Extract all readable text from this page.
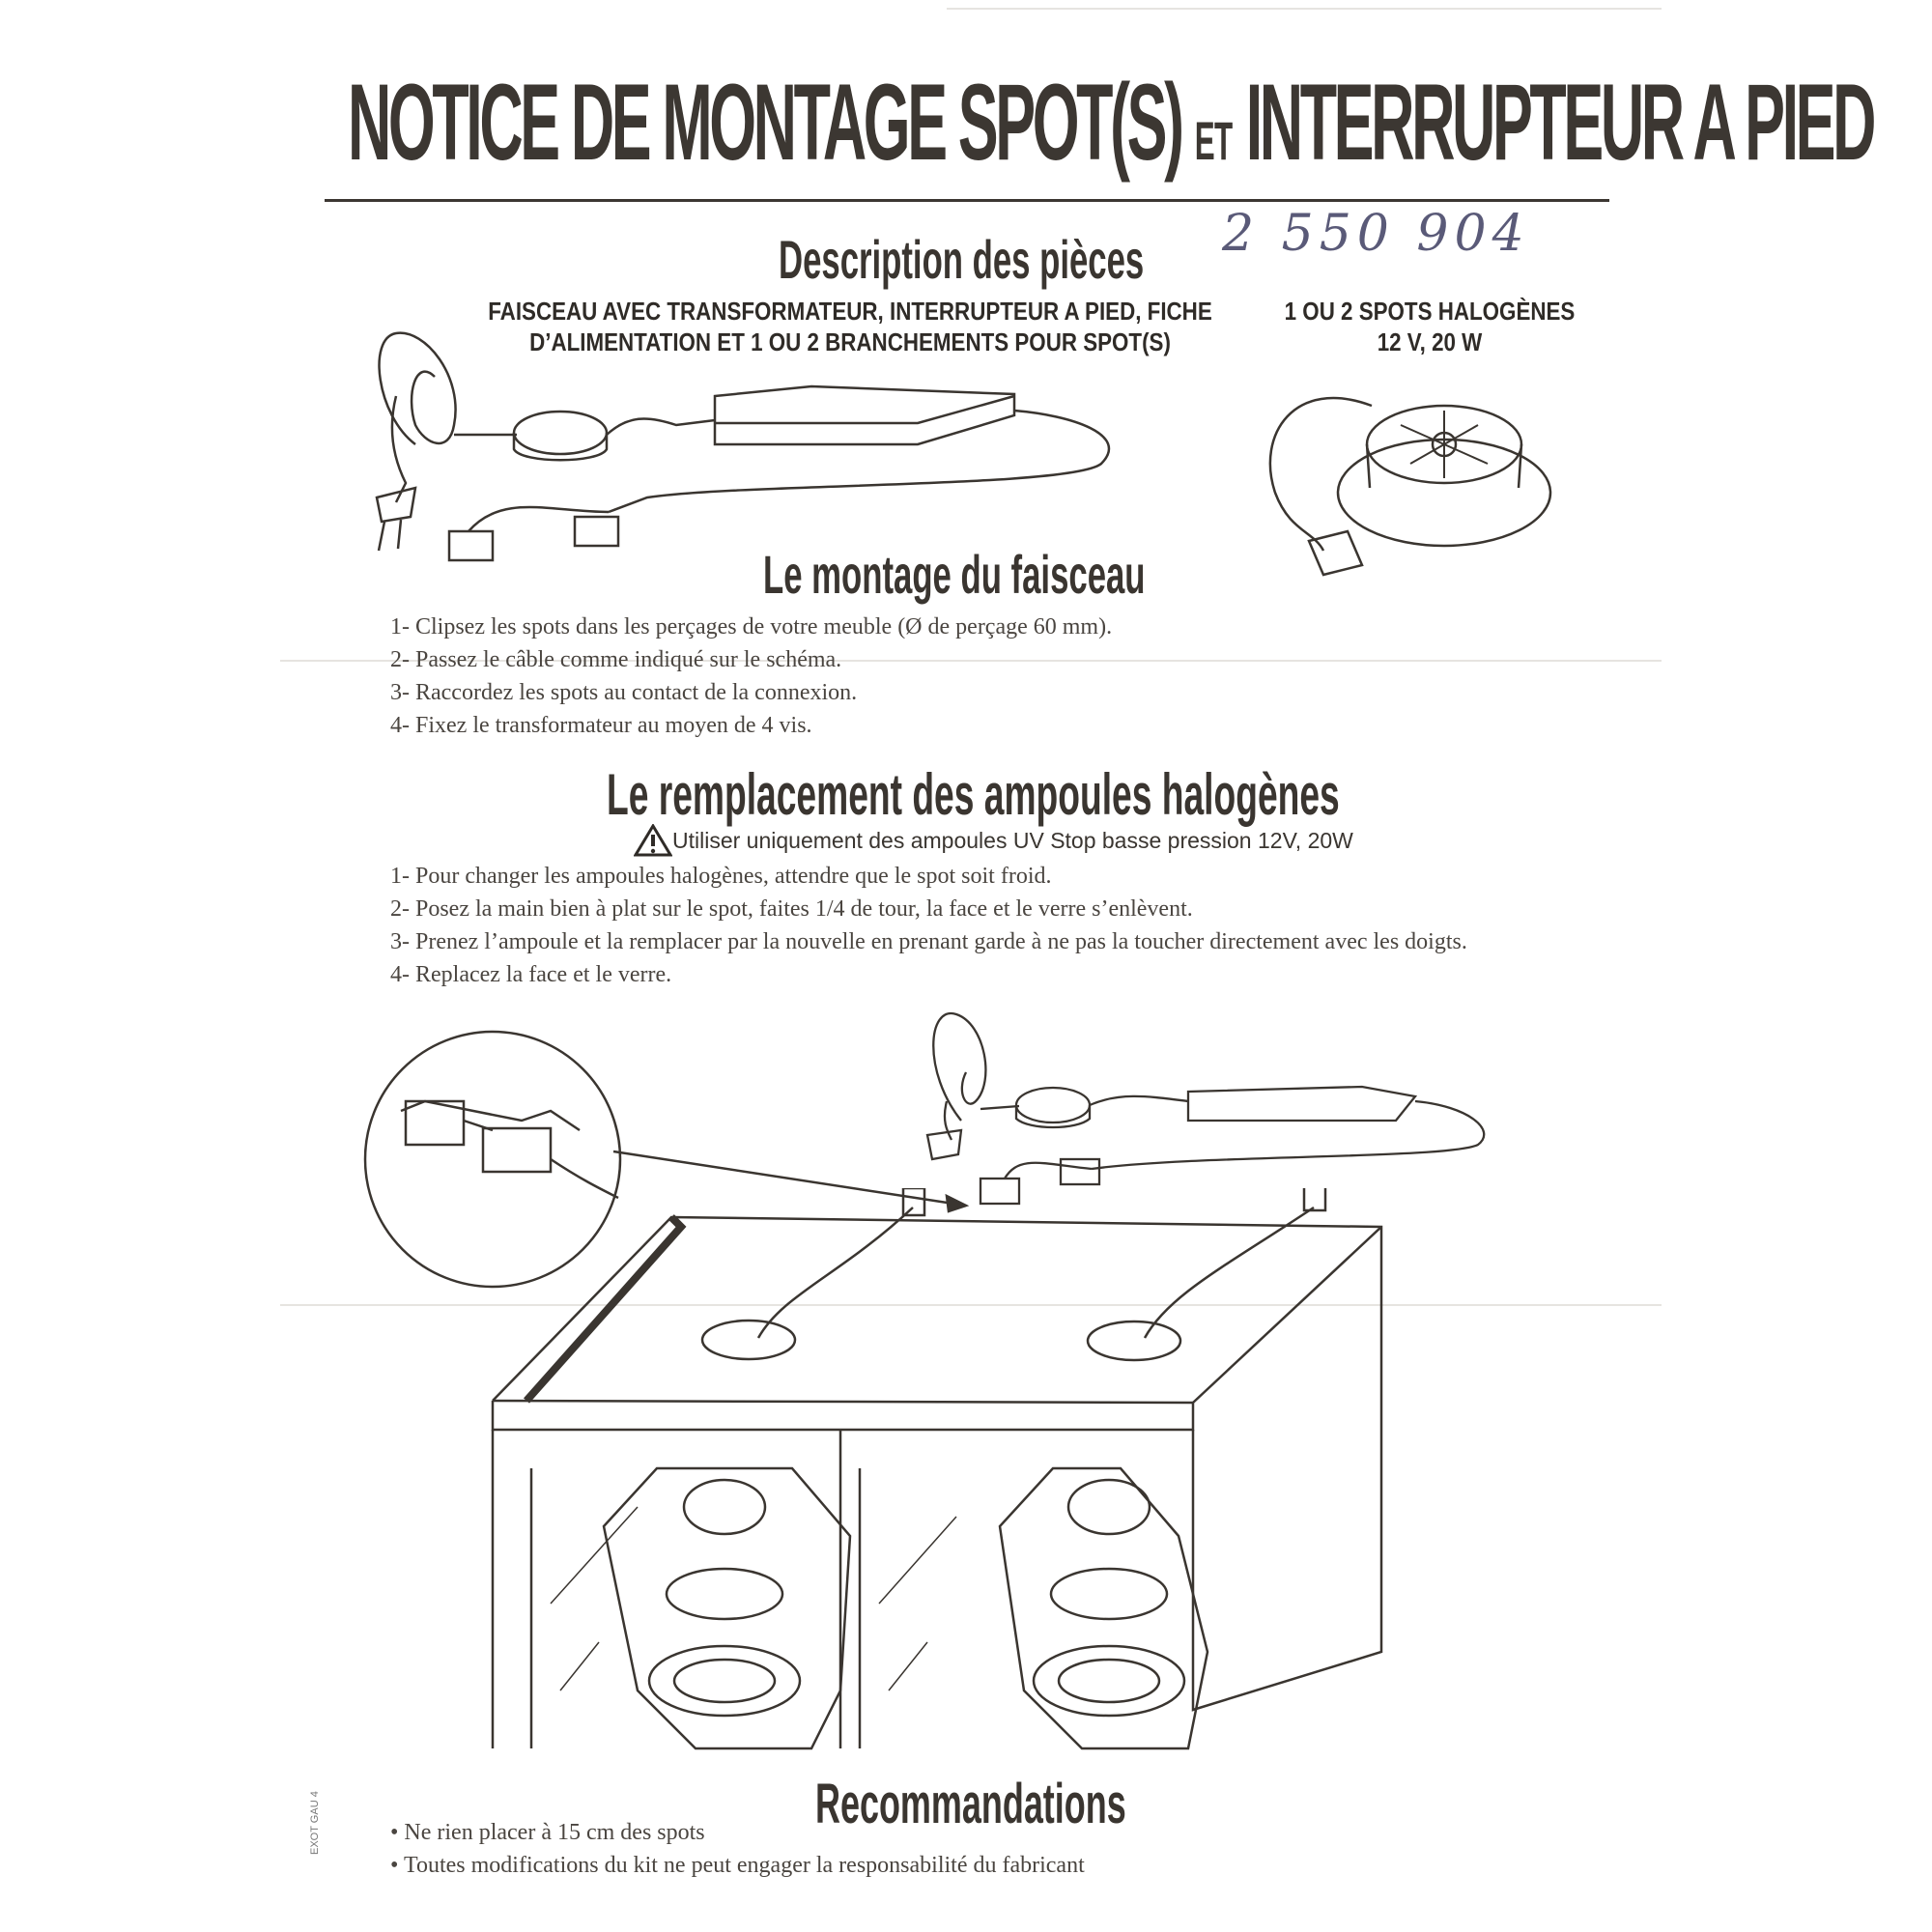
NOTICE DE MONTAGE SPOT(S) ET INTERRUPTEUR A PIED
2 550 904
Description des pièces
FAISCEAU AVEC TRANSFORMATEUR, INTERRUPTEUR A PIED, FICHE
D’ALIMENTATION ET 1 OU 2 BRANCHEMENTS POUR SPOT(S)
1 OU 2 SPOTS HALOGÈNES
12 V, 20 W
Le montage du faisceau
1- Clipsez les spots dans les perçages de votre meuble (Ø de perçage 60 mm).
2- Passez le câble comme indiqué sur le schéma.
3- Raccordez les spots au contact de la connexion.
4- Fixez le transformateur au moyen de 4 vis.
Le remplacement des ampoules halogènes
Utiliser uniquement des ampoules UV Stop basse pression 12V, 20W
1- Pour changer les ampoules halogènes, attendre que le spot soit froid.
2- Posez la main bien à plat sur le spot, faites 1/4 de tour, la face et le verre s’enlèvent.
3- Prenez l’ampoule et la remplacer par la nouvelle en prenant garde à ne pas la toucher directement avec les doigts.
4- Replacez la face et le verre.
Recommandations
• Ne rien placer à 15 cm des spots
• Toutes modifications du kit ne peut engager la responsabilité du fabricant
EXOT GAU 4
